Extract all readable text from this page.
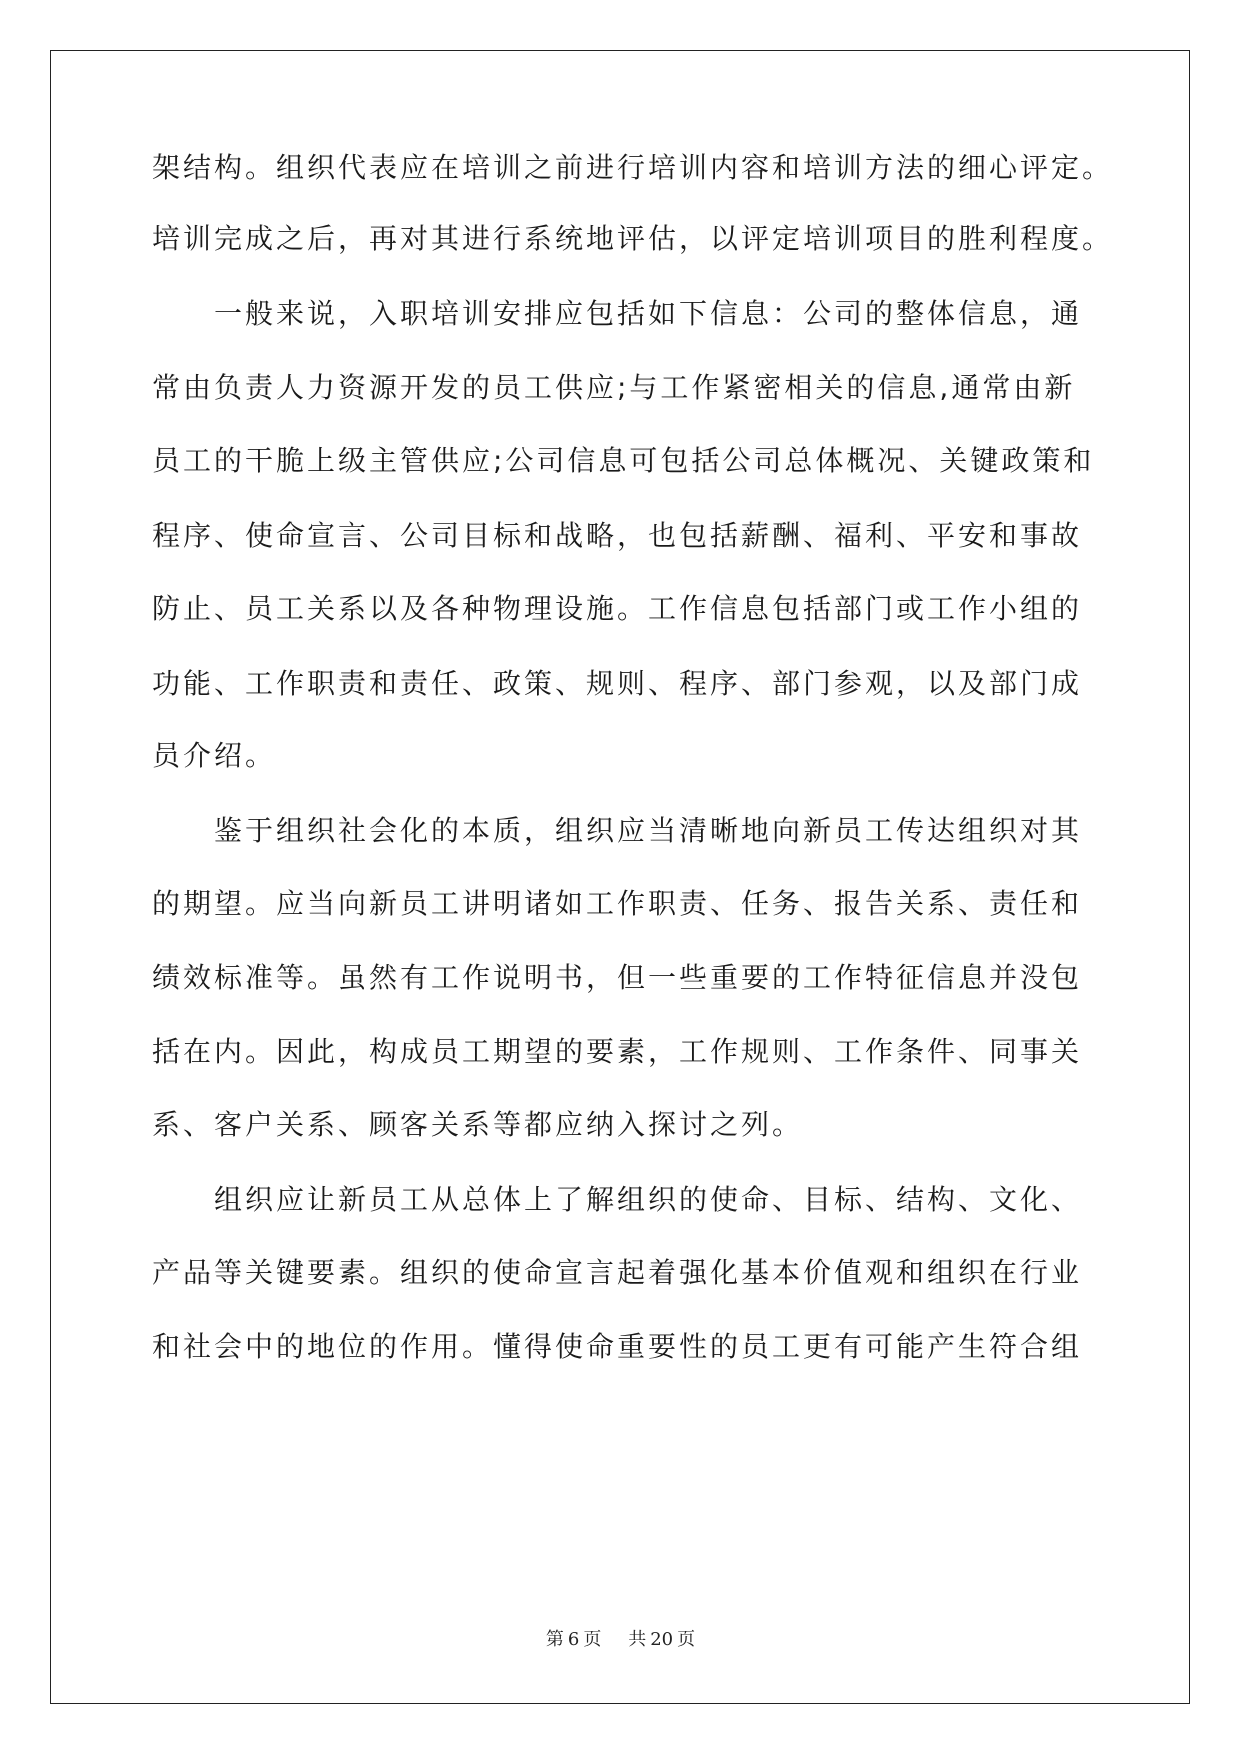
架结构。组织代表应在培训之前进行培训内容和培训方法的细心评定。
培训完成之后，再对其进行系统地评估，以评定培训项目的胜利程度。
　　一般来说，入职培训安排应包括如下信息：公司的整体信息，通
常由负责人力资源开发的员工供应;与工作紧密相关的信息,通常由新
员工的干脆上级主管供应;公司信息可包括公司总体概况、关键政策和
程序、使命宣言、公司目标和战略，也包括薪酬、福利、平安和事故
防止、员工关系以及各种物理设施。工作信息包括部门或工作小组的
功能、工作职责和责任、政策、规则、程序、部门参观，以及部门成
员介绍。
　　鉴于组织社会化的本质，组织应当清晰地向新员工传达组织对其
的期望。应当向新员工讲明诸如工作职责、任务、报告关系、责任和
绩效标准等。虽然有工作说明书，但一些重要的工作特征信息并没包
括在内。因此，构成员工期望的要素，工作规则、工作条件、同事关
系、客户关系、顾客关系等都应纳入探讨之列。
　　组织应让新员工从总体上了解组织的使命、目标、结构、文化、
产品等关键要素。组织的使命宣言起着强化基本价值观和组织在行业
和社会中的地位的作用。懂得使命重要性的员工更有可能产生符合组
第 6 页 共 20 页
